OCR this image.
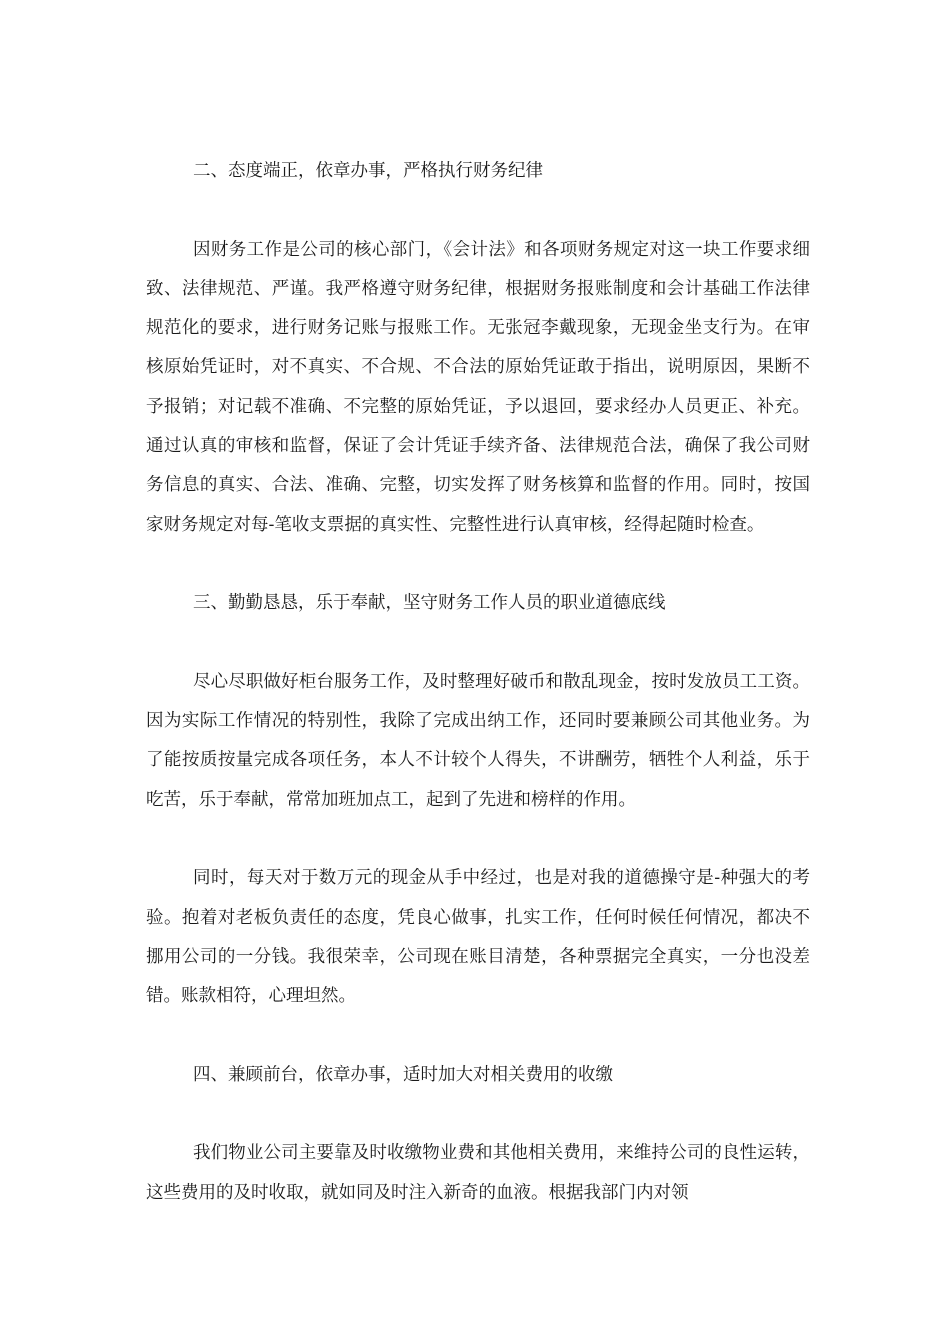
二、态度端正，依章办事，严格执行财务纪律

因财务工作是公司的核心部门，《会计法》和各项财务规定对这一块工作要求细致、法律规范、严谨。我严格遵守财务纪律，根据财务报账制度和会计基础工作法律规范化的要求，进行财务记账与报账工作。无张冠李戴现象，无现金坐支行为。在审核原始凭证时，对不真实、不合规、不合法的原始凭证敢于指出，说明原因，果断不予报销；对记载不准确、不完整的原始凭证，予以退回，要求经办人员更正、补充。通过认真的审核和监督，保证了会计凭证手续齐备、法律规范合法，确保了我公司财务信息的真实、合法、准确、完整，切实发挥了财务核算和监督的作用。同时，按国家财务规定对每-笔收支票据的真实性、完整性进行认真审核，经得起随时检查。

三、勤勤恳恳，乐于奉献，坚守财务工作人员的职业道德底线

尽心尽职做好柜台服务工作，及时整理好破币和散乱现金，按时发放员工工资。因为实际工作情况的特别性，我除了完成出纳工作，还同时要兼顾公司其他业务。为了能按质按量完成各项任务，本人不计较个人得失，不讲酬劳，牺牲个人利益，乐于吃苦，乐于奉献，常常加班加点工，起到了先进和榜样的作用。

同时，每天对于数万元的现金从手中经过，也是对我的道德操守是-种强大的考验。抱着对老板负责任的态度，凭良心做事，扎实工作，任何时候任何情况，都决不挪用公司的一分钱。我很荣幸，公司现在账目清楚，各种票据完全真实，一分也没差错。账款相符，心理坦然。

四、兼顾前台，依章办事，适时加大对相关费用的收缴

我们物业公司主要靠及时收缴物业费和其他相关费用，来维持公司的良性运转，这些费用的及时收取，就如同及时注入新奇的血液。根据我部门内对领
